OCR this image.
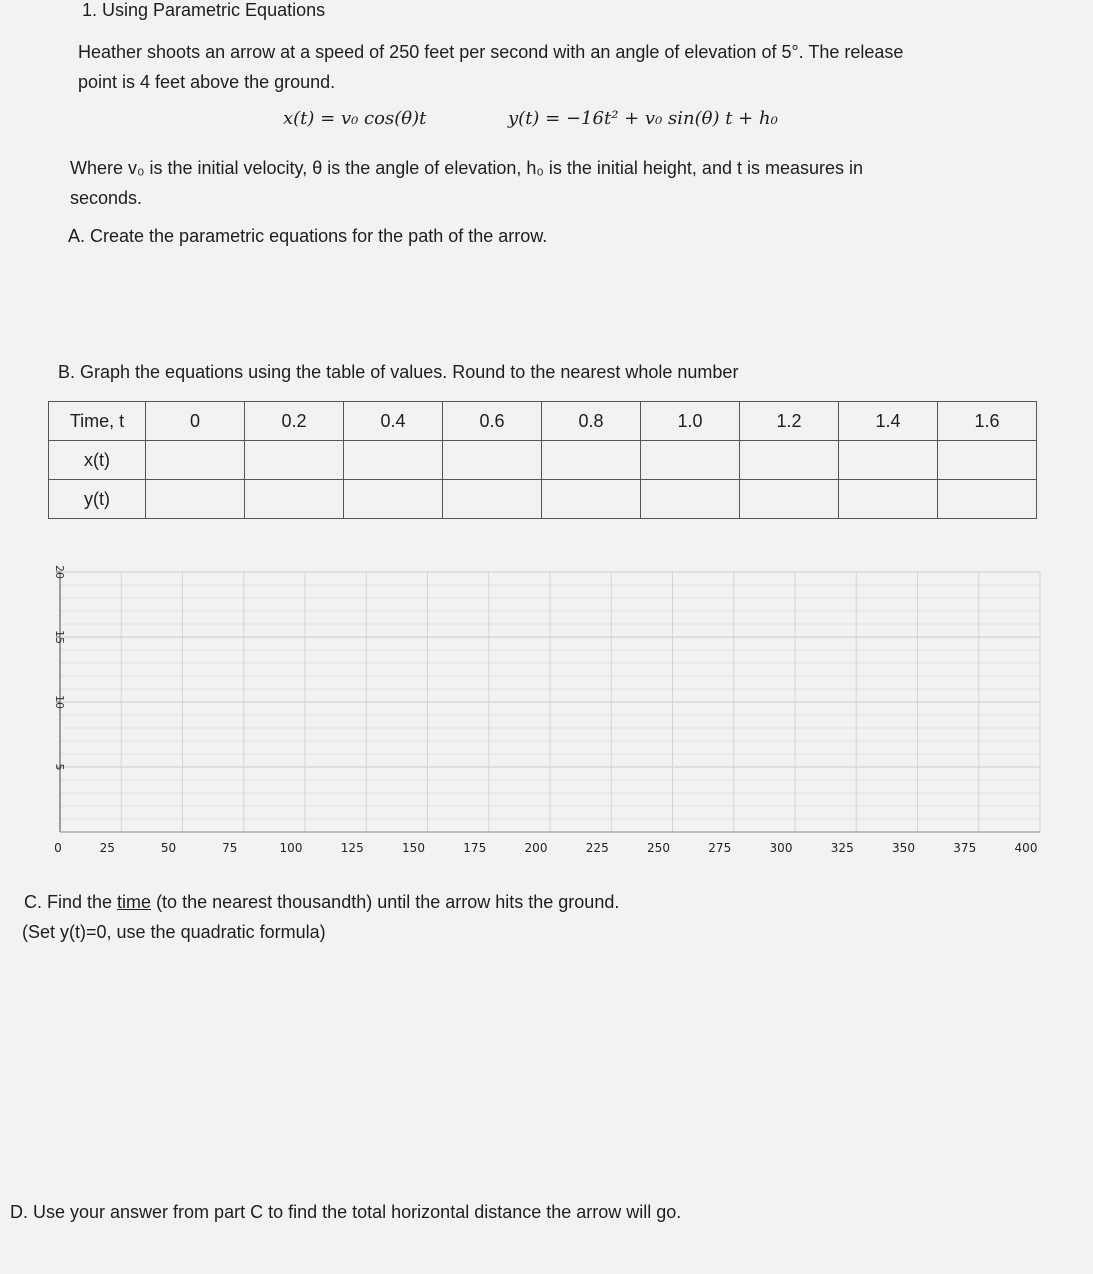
1. Using Parametric Equations
Heather shoots an arrow at a speed of 250 feet per second with an angle of elevation of 5°. The release
point is 4 feet above the ground.
x(t) = v₀ cos(θ)t	y(t) = −16t² + v₀ sin(θ) t + h₀
Where v₀ is the initial velocity, θ is the angle of elevation, h₀ is the initial height, and t is measures in
seconds.
A. Create the parametric equations for the path of the arrow.
B. Graph the equations using the table of values. Round to the nearest whole number
Time, t	0	0.2	0.4	0.6	0.8	1.0	1.2	1.4	1.6
x(t)									
y(t)									
5
10
15
20
0	25	50	75	100	125	150	175	200	225	250	275	300	325	350	375	400
C. Find the time (to the nearest thousandth) until the arrow hits the ground.
(Set y(t)=0, use the quadratic formula)
D. Use your answer from part C to find the total horizontal distance the arrow will go.
